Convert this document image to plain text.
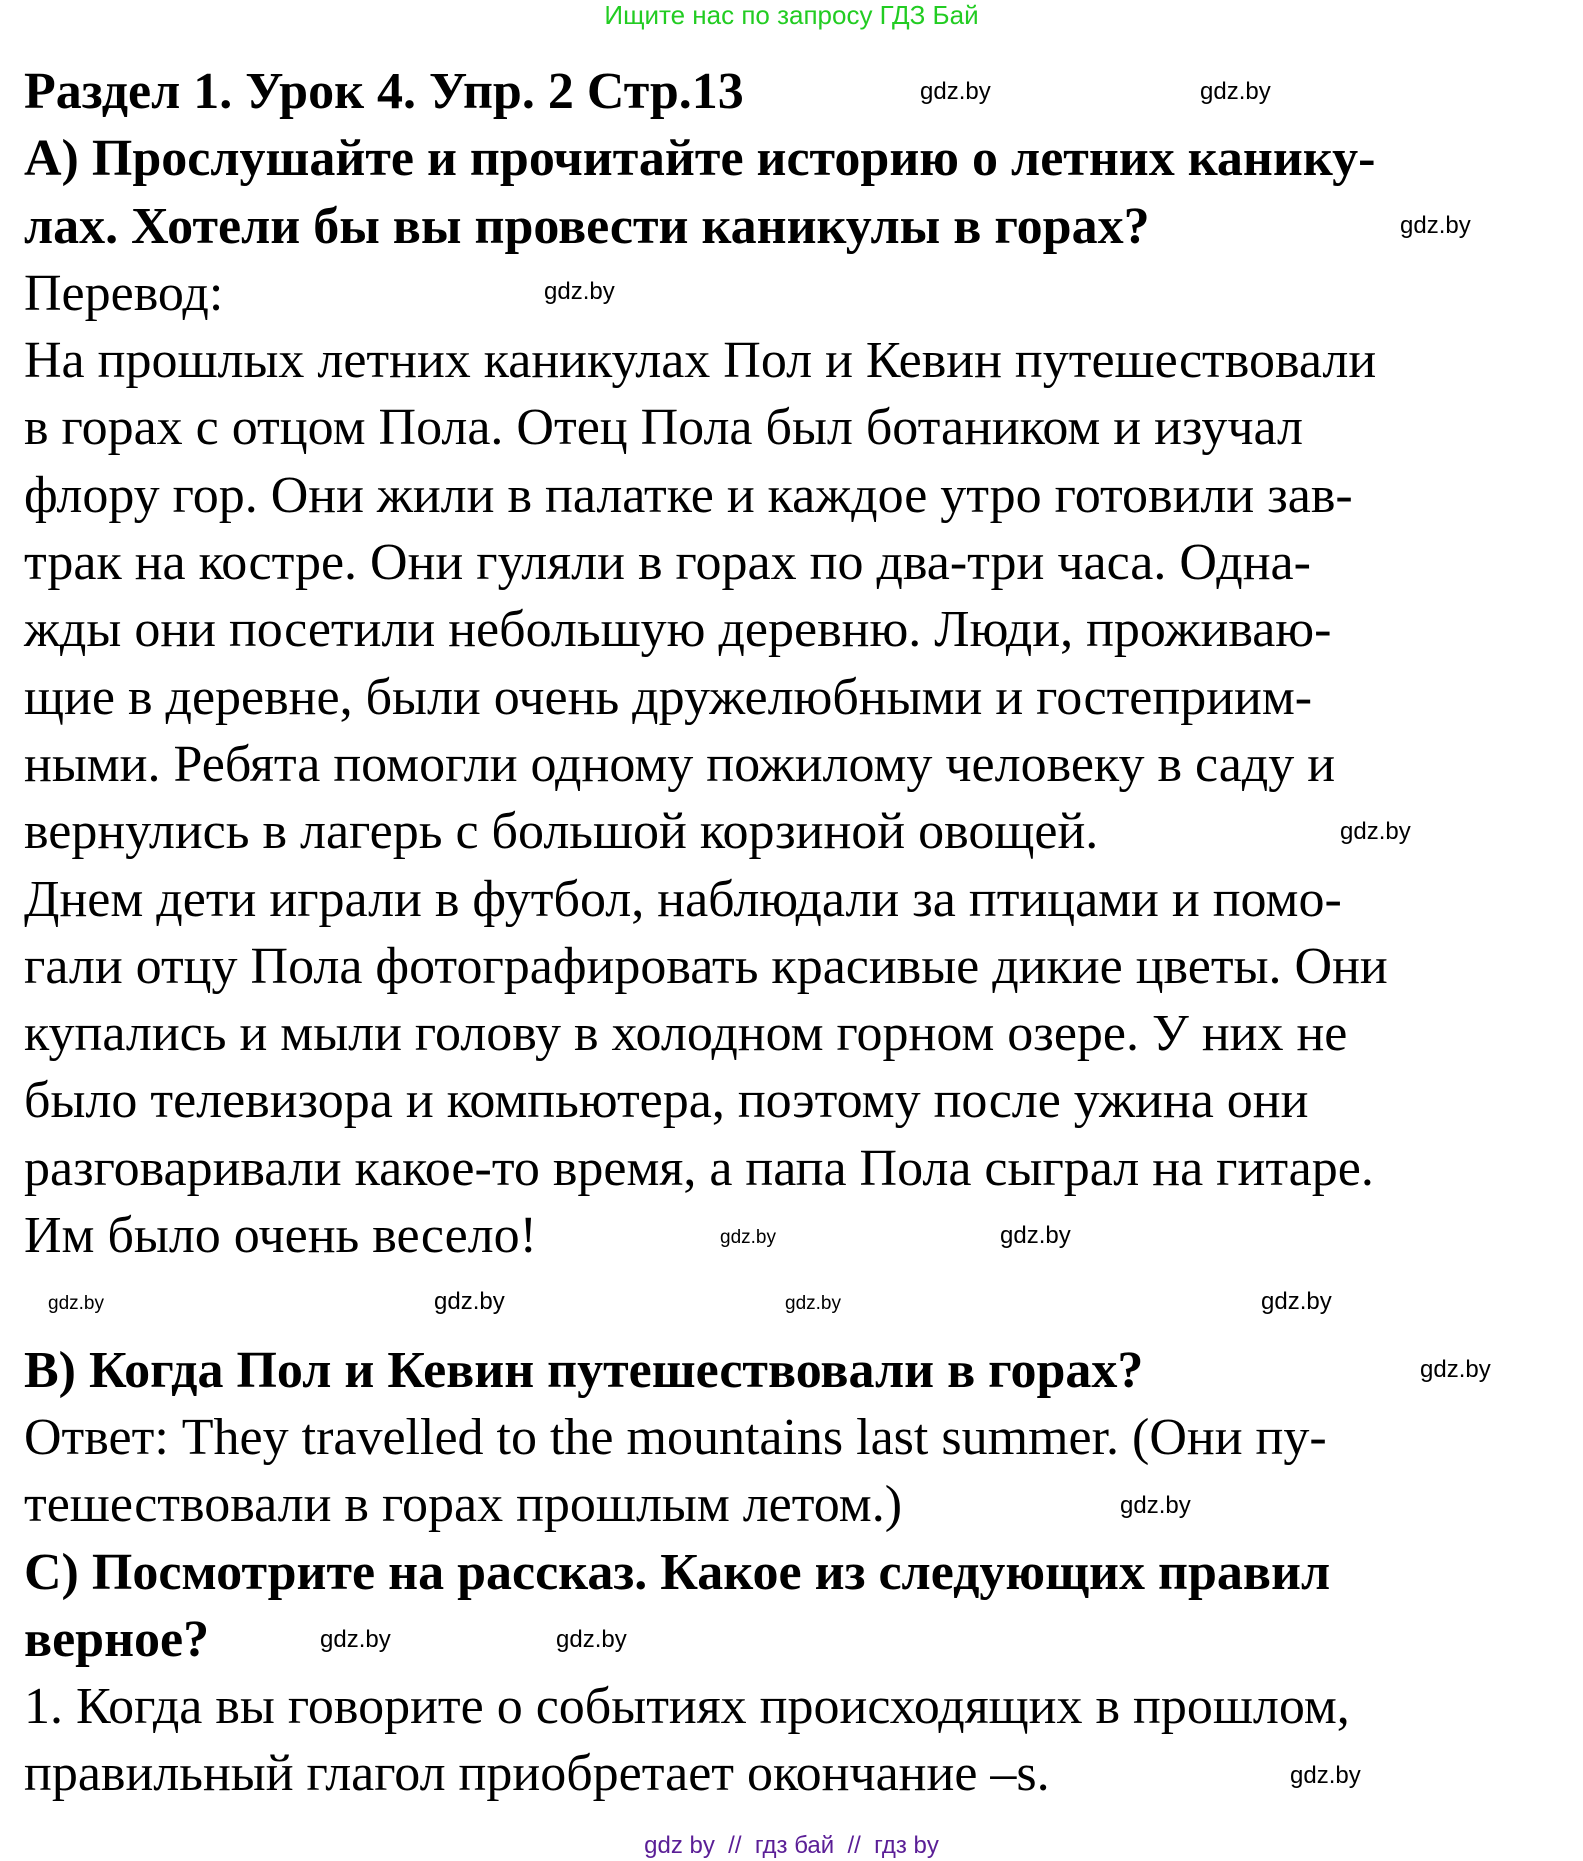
Ищите нас по запросу ГДЗ Бай
Раздел 1. Урок 4. Упр. 2 Стр.13
А) Прослушайте и прочитайте историю о летних канику-
лах. Хотели бы вы провести каникулы в горах?
Перевод:
На прошлых летних каникулах Пол и Кевин путешествовали
в горах с отцом Пола. Отец Пола был ботаником и изучал
флору гор. Они жили в палатке и каждое утро готовили зав-
трак на костре. Они гуляли в горах по два-три часа. Однa-
жды они посетили небольшую деревню. Люди, проживаю-
щие в деревне, были очень дружелюбными и гостеприим-
ными. Ребята помогли одному пожилому человеку в саду и
вернулись в лагерь с большой корзиной овощей.
Днем дети играли в футбол, наблюдали за птицами и помо-
гали отцу Пола фотографировать красивые дикие цветы. Они
купались и мыли голову в холодном горном озере. У них не
было телевизора и компьютера, поэтому после ужина они
разговаривали какое-то время, а папа Пола сыграл на гитаре.
Им было очень весело!
В) Когда Пол и Кевин путешествовали в горах?
Ответ: They travelled to the mountains last summer. (Они пу-
тешествовали в горах прошлым летом.)
С) Посмотрите на рассказ. Какое из следующих правил
верное?
1. Когда вы говорите о событиях происходящих в прошлом,
правильный глагол приобретает окончание –s.
gdz.by	gdz.by
gdz.by
gdz.by
gdz.by
gdz.by	gdz.by
gdz.by	gdz.by	gdz.by	gdz.by
gdz.by
gdz.by
gdz.by	gdz.by
gdz.by
gdz by  //  гдз бай  //  гдз by
